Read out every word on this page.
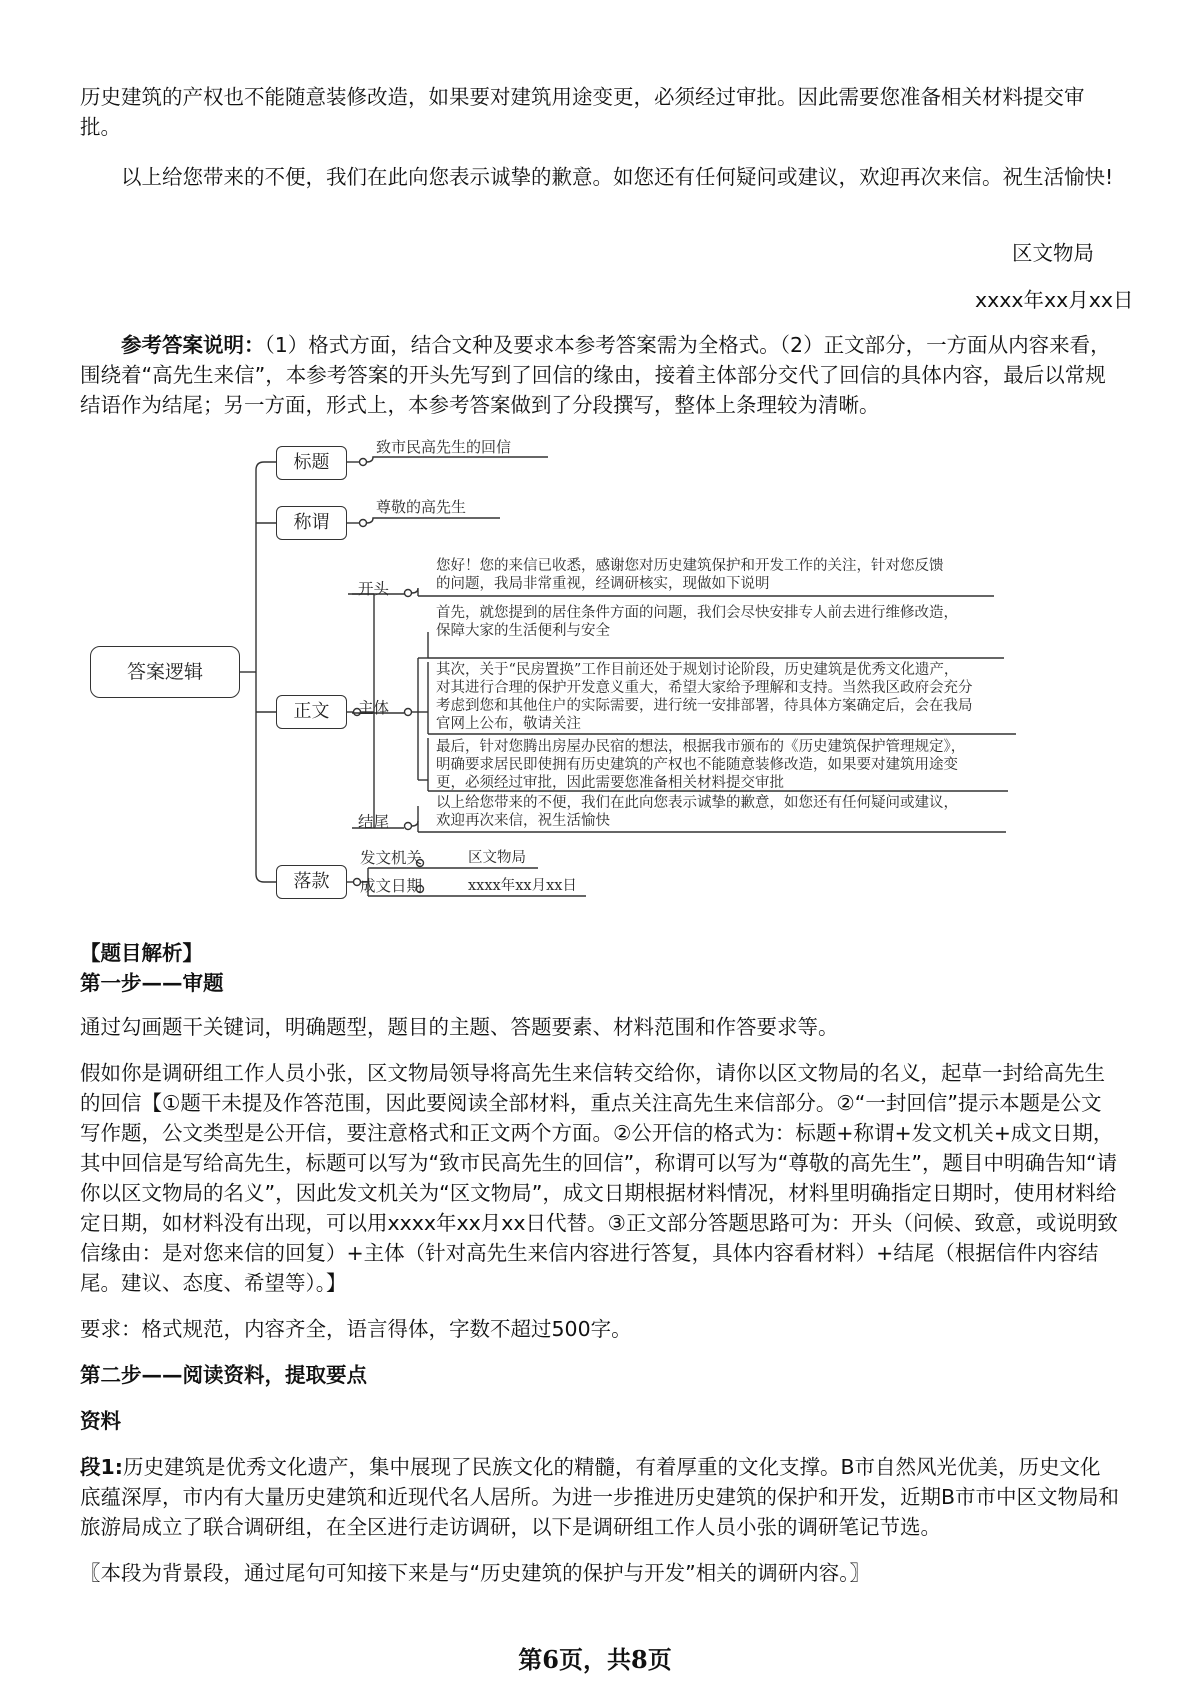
历史建筑的产权也不能随意装修改造，如果要对建筑用途变更，必须经过审批。因此需要您准备相关材料提交审批。

以上给您带来的不便，我们在此向您表示诚挚的歉意。如您还有任何疑问或建议，欢迎再次来信。祝生活愉快!

区文物局
xxxx年xx月xx日

参考答案说明：（1）格式方面，结合文种及要求本参考答案需为全格式。（2）正文部分，一方面从内容来看，围绕着“高先生来信”，本参考答案的开头先写到了回信的缘由，接着主体部分交代了回信的具体内容，最后以常规结语作为结尾；另一方面，形式上，本参考答案做到了分段撰写，整体上条理较为清晰。

答案逻辑
标题
致市民高先生的回信
称谓
尊敬的高先生
正文
开头
您好！您的来信已收悉，感谢您对历史建筑保护和开发工作的关注，针对您反馈
的问题，我局非常重视，经调研核实，现做如下说明
主体
首先，就您提到的居住条件方面的问题，我们会尽快安排专人前去进行维修改造，
保障大家的生活便利与安全
其次，关于“民房置换”工作目前还处于规划讨论阶段，历史建筑是优秀文化遗产，
对其进行合理的保护开发意义重大，希望大家给予理解和支持。当然我区政府会充分
考虑到您和其他住户的实际需要，进行统一安排部署，待具体方案确定后，会在我局
官网上公布，敬请关注
最后，针对您腾出房屋办民宿的想法，根据我市颁布的《历史建筑保护管理规定》，
明确要求居民即使拥有历史建筑的产权也不能随意装修改造，如果要对建筑用途变
更，必须经过审批，因此需要您准备相关材料提交审批
结尾
以上给您带来的不便，我们在此向您表示诚挚的歉意，如您还有任何疑问或建议，
欢迎再次来信，祝生活愉快
落款
发文机关	区文物局
成文日期	xxxx年xx月xx日
【题目解析】
第一步——审题

通过勾画题干关键词，明确题型，题目的主题、答题要素、材料范围和作答要求等。

假如你是调研组工作人员小张，区文物局领导将高先生来信转交给你，请你以区文物局的名义，起草一封给高先生的回信【①题干未提及作答范围，因此要阅读全部材料，重点关注高先生来信部分。②“一封回信”提示本题是公文写作题，公文类型是公开信，要注意格式和正文两个方面。②公开信的格式为：标题+称谓+发文机关+成文日期，其中回信是写给高先生，标题可以写为“致市民高先生的回信”，称谓可以写为“尊敬的高先生”，题目中明确告知“请你以区文物局的名义”，因此发文机关为“区文物局”，成文日期根据材料情况，材料里明确指定日期时，使用材料给定日期，如材料没有出现，可以用xxxx年xx月xx日代替。③正文部分答题思路可为：开头（问候、致意，或说明致信缘由：是对您来信的回复）+主体（针对高先生来信内容进行答复，具体内容看材料）+结尾（根据信件内容结尾。建议、态度、希望等）。】

要求：格式规范，内容齐全，语言得体，字数不超过500字。

第二步——阅读资料，提取要点
资料

段1:历史建筑是优秀文化遗产，集中展现了民族文化的精髓，有着厚重的文化支撑。B市自然风光优美，历史文化底蕴深厚，市内有大量历史建筑和近现代名人居所。为进一步推进历史建筑的保护和开发，近期B市市中区文物局和旅游局成立了联合调研组，在全区进行走访调研，以下是调研组工作人员小张的调研笔记节选。

〖本段为背景段，通过尾句可知接下来是与“历史建筑的保护与开发”相关的调研内容。〗

第6页，共8页
